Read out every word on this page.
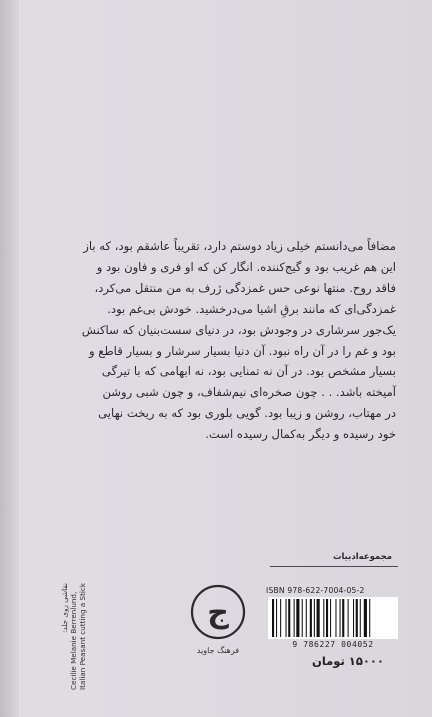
مضافاً می‌دانستم خیلی زیاد دوستم دارد، تقریباً عاشقم بود، که باز

این هم غریب بود و گیج‌کننده. انگار کن که او فری و فاون بود و

فاقد روح. منتها نوعی حس غمزدگی ژرف به من منتقل می‌کرد،

غمزدگی‌ای که مانند برقِ اشیا می‌درخشید. خودش بی‌غم بود.

یک‌جور سرشاری در وجودش بود، در دنیای سست‌بنیان که ساکنش

بود و غم را در آن راه نبود. آن دنیا بسیار سرشار و بسیار قاطع و

بسیار مشخص بود. در آن نه تمنایی بود، نه ابهامی که با تیرگی

آمیخته باشد. . . چون صخره‌ای نیم‌شفاف، و چون شبی روشن

در مهتاب، روشن و زیبا بود. گویی بلوری بود که به ریخت نهایی

خود رسیده و دیگر به‌کمال رسیده است.

مجموعه‌ادبیات
ج
فرهنگ جاوید
ISBN 978-622-7004-05-2
9 786227 004052
۱۵۰۰۰ تومان
نقاشی روی جلد: Cecilie Melanie Berrenlund, Italian Peasant cutting a Stick
